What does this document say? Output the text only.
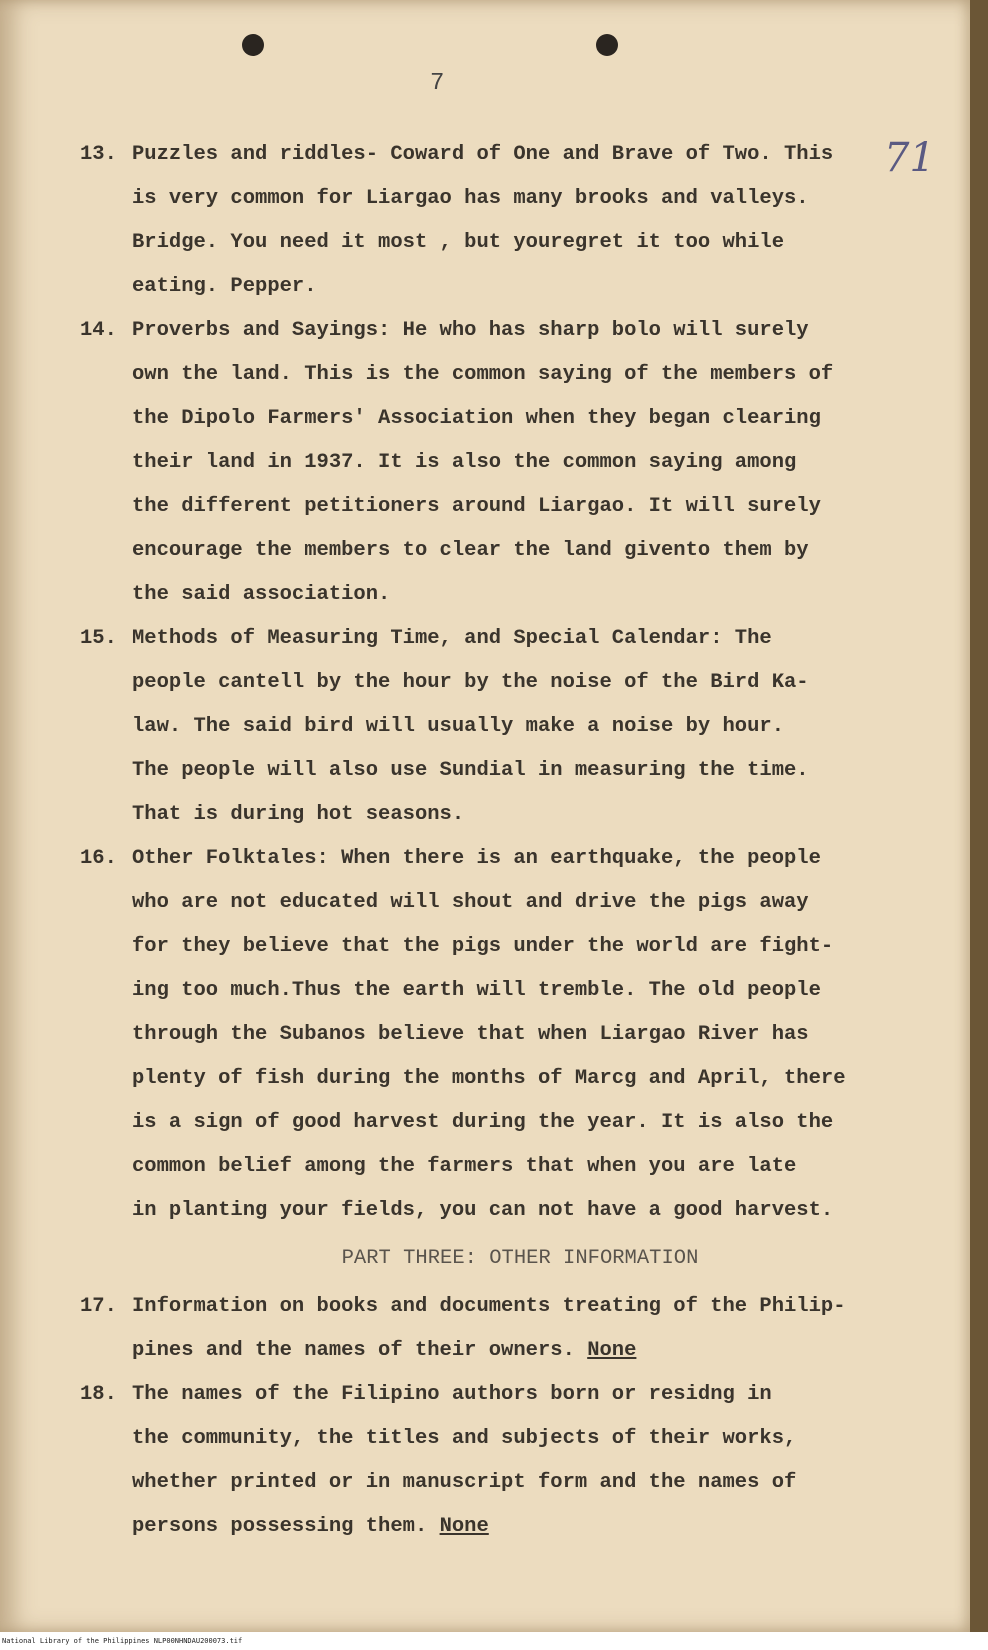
7
71
13. Puzzles and riddles- Coward of One and Brave of Two. This
is very common for Liargao has many brooks and valleys.
Bridge. You need it most , but youregret it too while
eating. Pepper.
14. Proverbs and Sayings: He who has sharp bolo will surely
own the land. This is the common saying of the members of
the Dipolo Farmers' Association when they began clearing
their land in 1937. It is also the common saying among
the different petitioners around Liargao. It will surely
encourage the members to clear the land givento them by
the said association.
15. Methods of Measuring Time, and Special Calendar: The
people cantell by the hour by the noise of the Bird Ka-
law. The said bird will usually make a noise by hour.
The people will also use Sundial in measuring the time.
That is during hot seasons.
16. Other Folktales: When there is an earthquake, the people
who are not educated will shout and drive the pigs away
for they believe that the pigs under the world are fight-
ing too much.Thus the earth will tremble. The old people
through the Subanos believe that when Liargao River has
plenty of fish during the months of Marcg and April, there
is a sign of good harvest during the year. It is also the
common belief among the farmers that when you are late
in planting your fields, you can not have a good harvest.
PART THREE: OTHER INFORMATION
17. Information on books and documents treating of the Philip-
pines and the names of their owners. None
18. The names of the Filipino authors born or residng in
the community, the titles and subjects of their works,
whether printed or in manuscript form and the names of
persons possessing them. None
National Library of the Philippines NLP00NHNDAU200073.tif
